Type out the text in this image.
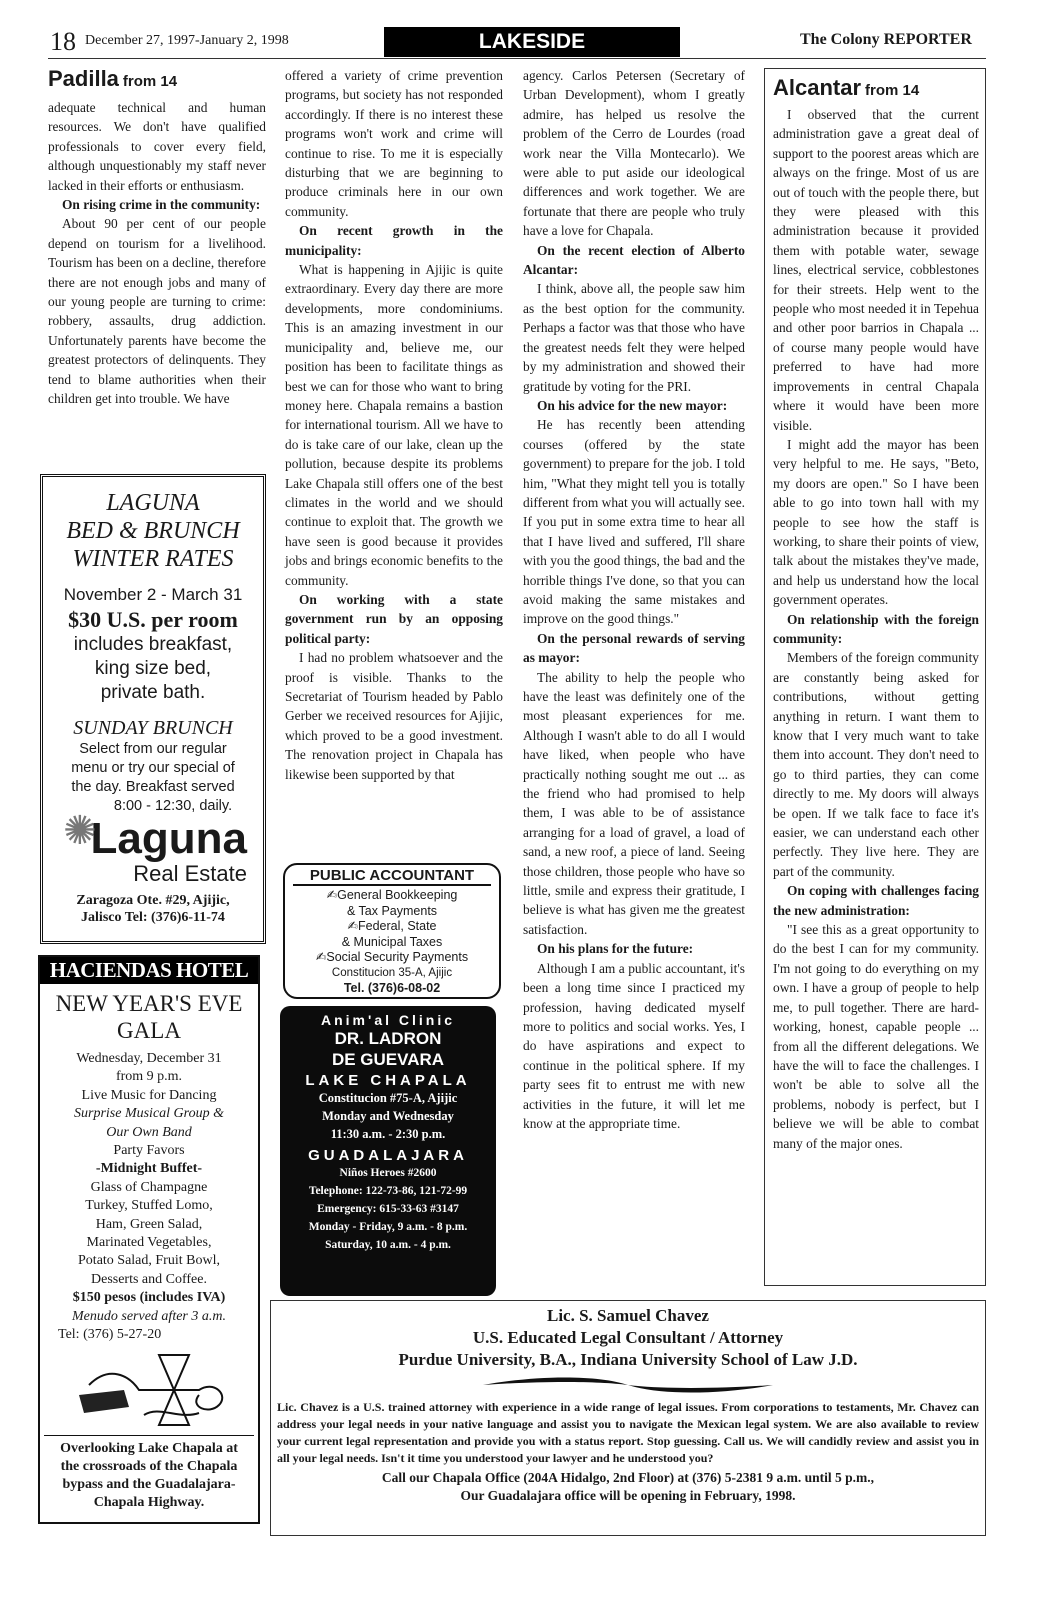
18 December 27, 1997-January 2, 1998	LAKESIDE	The Colony REPORTER
Padilla from 14

adequate technical and human resources. We don't have qualified professionals to cover every field, although unquestionably my staff never lacked in their efforts or enthusiasm.

On rising crime in the community:

About 90 per cent of our people depend on tourism for a livelihood. Tourism has been on a decline, therefore there are not enough jobs and many of our young people are turning to crime: robbery, assaults, drug addiction. Unfortunately parents have become the greatest protectors of delinquents. They tend to blame authorities when their children get into trouble. We have

LAGUNA
BED & BRUNCH
WINTER RATES
November 2 - March 31
$30 U.S. per room
includes breakfast,
king size bed,
private bath.
SUNDAY BRUNCH
Select from our regular
menu or try our special of
the day. Breakfast served
8:00 - 12:30, daily.
✺
Laguna
Real Estate
Zaragoza Ote. #29, Ajijic,
Jalisco Tel: (376)6-11-74
HACIENDAS HOTEL
NEW YEAR'S EVE
GALA
Wednesday, December 31
from 9 p.m.
Live Music for Dancing
Surprise Musical Group &
Our Own Band
Party Favors
-Midnight Buffet-
Glass of Champagne
Turkey, Stuffed Lomo,
Ham, Green Salad,
Marinated Vegetables,
Potato Salad, Fruit Bowl,
Desserts and Coffee.
$150 pesos (includes IVA)
Menudo served after 3 a.m.
Tel: (376) 5-27-20
Overlooking Lake Chapala at
the crossroads of the Chapala
bypass and the Guadalajara-
Chapala Highway.

offered a variety of crime prevention programs, but society has not responded accordingly. If there is no interest these programs won't work and crime will continue to rise. To me it is especially disturbing that we are beginning to produce criminals here in our own community.

On recent growth in the municipality:

What is happening in Ajijic is quite extraordinary. Every day there are more developments, more condominiums. This is an amazing investment in our municipality and, believe me, our position has been to facilitate things as best we can for those who want to bring money here. Chapala remains a bastion for international tourism. All we have to do is take care of our lake, clean up the pollution, because despite its problems Lake Chapala still offers one of the best climates in the world and we should continue to exploit that. The growth we have seen is good because it provides jobs and brings economic benefits to the community.

On working with a state government run by an opposing political party:

I had no problem whatsoever and the proof is visible. Thanks to the Secretariat of Tourism headed by Pablo Gerber we received resources for Ajijic, which proved to be a good investment. The renovation project in Chapala has likewise been supported by that

PUBLIC ACCOUNTANT
✍General Bookkeeping
& Tax Payments
✍Federal, State
& Municipal Taxes
✍Social Security Payments
Constitucion 35-A, Ajijic
Tel. (376)6-08-02
Anim'al Clinic
DR. LADRON
DE GUEVARA
LAKE CHAPALA
Constitucion #75-A, Ajijic
Monday and Wednesday
11:30 a.m. - 2:30 p.m.
GUADALAJARA
Niños Heroes #2600
Telephone: 122-73-86, 121-72-99
Emergency: 615-33-63 #3147
Monday - Friday, 9 a.m. - 8 p.m.
Saturday, 10 a.m. - 4 p.m.

agency. Carlos Petersen (Secretary of Urban Development), whom I greatly admire, has helped us resolve the problem of the Cerro de Lourdes (road work near the Villa Montecarlo). We were able to put aside our ideological differences and work together. We are fortunate that there are people who truly have a love for Chapala.

On the recent election of Alberto Alcantar:

I think, above all, the people saw him as the best option for the community. Perhaps a factor was that those who have the greatest needs felt they were helped by my administration and showed their gratitude by voting for the PRI.

On his advice for the new mayor:

He has recently been attending courses (offered by the state government) to prepare for the job. I told him, "What they might tell you is totally different from what you will actually see. If you put in some extra time to hear all that I have lived and suffered, I'll share with you the good things, the bad and the horrible things I've done, so that you can avoid making the same mistakes and improve on the good things."

On the personal rewards of serving as mayor:

The ability to help the people who have the least was definitely one of the most pleasant experiences for me. Although I wasn't able to do all I would have liked, when people who have practically nothing sought me out ... as the friend who had promised to help them, I was able to be of assistance arranging for a load of gravel, a load of sand, a new roof, a piece of land. Seeing those children, those people who have so little, smile and express their gratitude, I believe is what has given me the greatest satisfaction.

On his plans for the future:

Although I am a public accountant, it's been a long time since I practiced my profession, having dedicated myself more to politics and social works. Yes, I do have aspirations and expect to continue in the political sphere. If my party sees fit to entrust me with new activities in the future, it will let me know at the appropriate time.

Alcantar from 14

I observed that the current administration gave a great deal of support to the poorest areas which are always on the fringe. Most of us are out of touch with the people there, but they were pleased with this administration because it provided them with potable water, sewage lines, electrical service, cobblestones for their streets. Help went to the people who most needed it in Tepehua and other poor barrios in Chapala ... of course many people would have preferred to have had more improvements in central Chapala where it would have been more visible.

I might add the mayor has been very helpful to me. He says, "Beto, my doors are open." So I have been able to go into town hall with my people to see how the staff is working, to share their points of view, talk about the mistakes they've made, and help us understand how the local government operates.

On relationship with the foreign community:

Members of the foreign community are constantly being asked for contributions, without getting anything in return. I want them to know that I very much want to take them into account. They don't need to go to third parties, they can come directly to me. My doors will always be open. If we talk face to face it's easier, we can understand each other perfectly. They live here. They are part of the community.

On coping with challenges facing the new administration:

"I see this as a great opportunity to do the best I can for my community. I'm not going to do everything on my own. I have a group of people to help me, to pull together. There are hard-working, honest, capable people ... from all the different delegations. We have the will to face the challenges. I won't be able to solve all the problems, nobody is perfect, but I believe we will be able to combat many of the major ones.

Lic. S. Samuel Chavez
U.S. Educated Legal Consultant / Attorney
Purdue University, B.A., Indiana University School of Law J.D.
Lic. Chavez is a U.S. trained attorney with experience in a wide range of legal issues. From corporations to testaments, Mr. Chavez can address your legal needs in your native language and assist you to navigate the Mexican legal system. We are also available to review your current legal representation and provide you with a status report. Stop guessing. Call us. We will candidly review and assist you in all your legal needs. Isn't it time you understood your lawyer and he understood you?
Call our Chapala Office (204A Hidalgo, 2nd Floor) at (376) 5-2381 9 a.m. until 5 p.m.,
Our Guadalajara office will be opening in February, 1998.
